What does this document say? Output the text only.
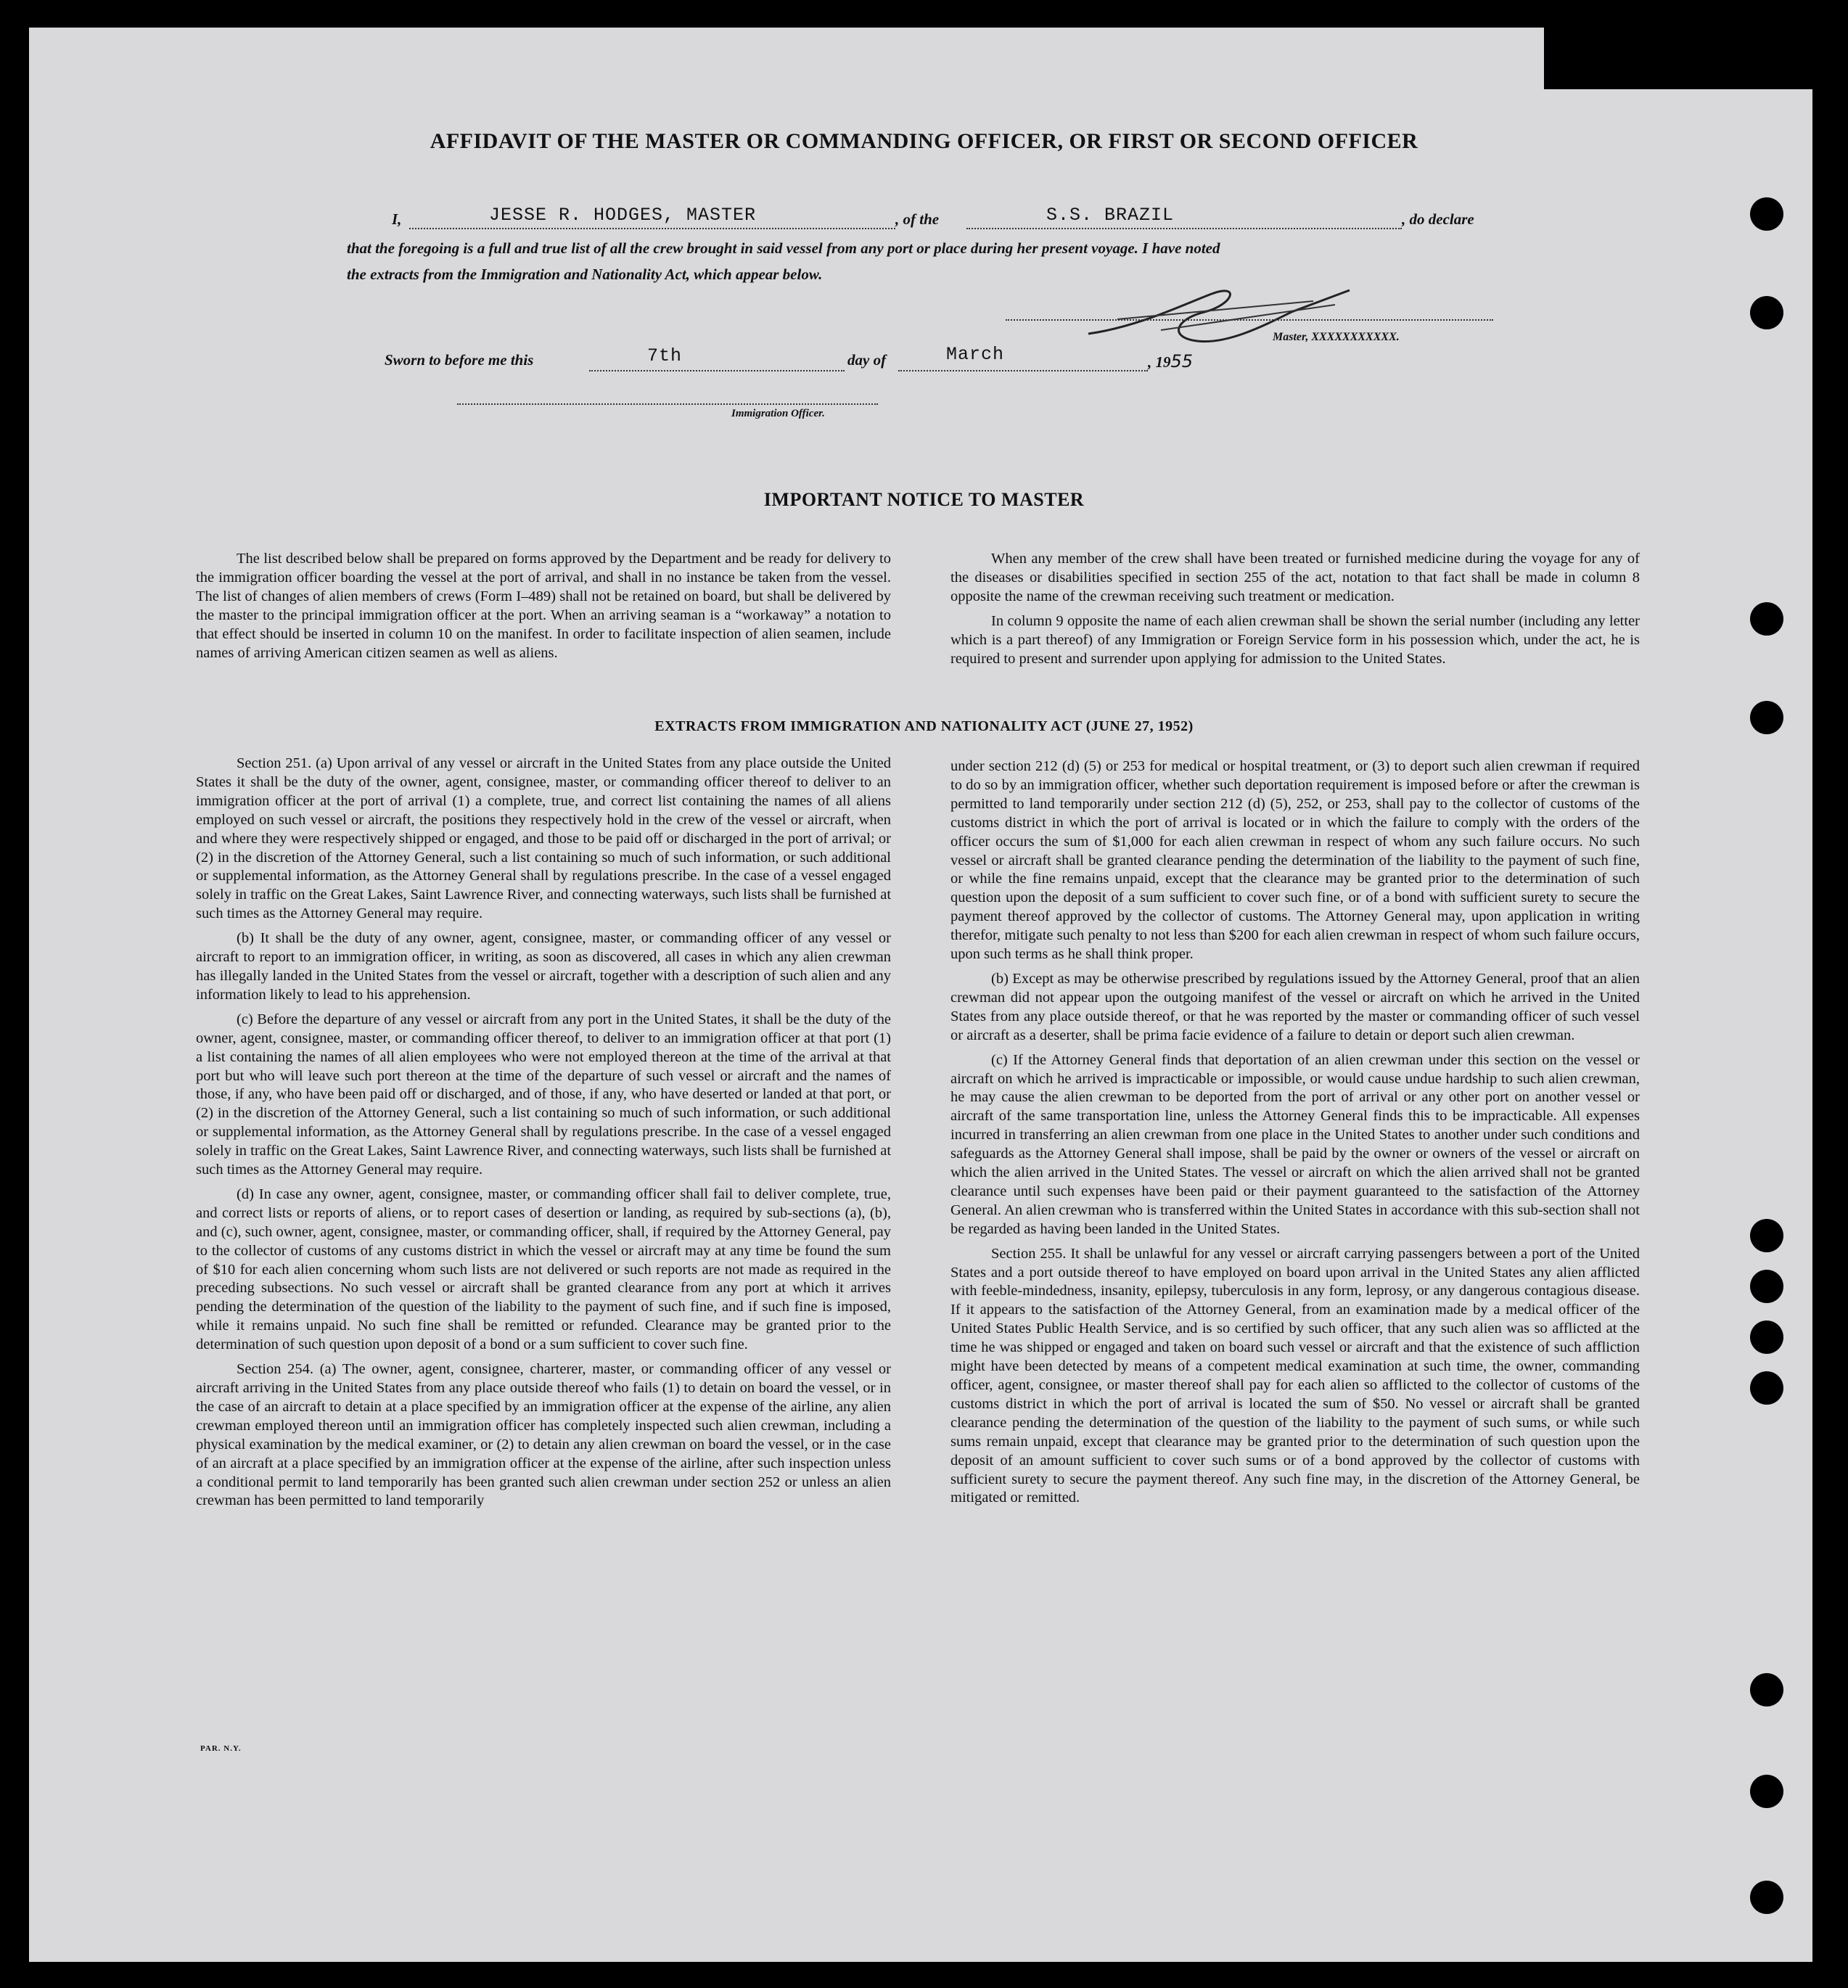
AFFIDAVIT OF THE MASTER OR COMMANDING OFFICER, OR FIRST OR SECOND OFFICER
I,	JESSE R. HODGES, MASTER	, of the	S.S. BRAZIL	, do declare
that the foregoing is a full and true list of all the crew brought in said vessel from any port or place during her present voyage. I have noted
the extracts from the Immigration and Nationality Act, which appear below.
Master, XXXXXXXXXXX.
Sworn to before me this	7th	day of	March	, 1955
Immigration Officer.
IMPORTANT NOTICE TO MASTER

The list described below shall be prepared on forms approved by the Department and be ready for delivery to the immigration officer boarding the vessel at the port of arrival, and shall in no instance be taken from the vessel. The list of changes of alien members of crews (Form I–489) shall not be retained on board, but shall be delivered by the master to the principal immigration officer at the port. When an arriving seaman is a “workaway” a notation to that effect should be inserted in column 10 on the manifest. In order to facilitate inspection of alien seamen, include names of arriving American citizen seamen as well as aliens.

When any member of the crew shall have been treated or furnished medicine during the voyage for any of the diseases or disabilities specified in section 255 of the act, notation to that fact shall be made in column 8 opposite the name of the crewman receiving such treatment or medication.

In column 9 opposite the name of each alien crewman shall be shown the serial number (including any letter which is a part thereof) of any Immigration or Foreign Service form in his possession which, under the act, he is required to present and surrender upon applying for admission to the United States.

EXTRACTS FROM IMMIGRATION AND NATIONALITY ACT (JUNE 27, 1952)

Section 251. (a) Upon arrival of any vessel or aircraft in the United States from any place outside the United States it shall be the duty of the owner, agent, consignee, master, or commanding officer thereof to deliver to an immigration officer at the port of arrival (1) a complete, true, and correct list containing the names of all aliens employed on such vessel or aircraft, the positions they respectively hold in the crew of the vessel or aircraft, when and where they were respectively shipped or engaged, and those to be paid off or discharged in the port of arrival; or (2) in the discretion of the Attorney General, such a list containing so much of such information, or such additional or supplemental information, as the Attorney General shall by regulations prescribe. In the case of a vessel engaged solely in traffic on the Great Lakes, Saint Lawrence River, and connecting waterways, such lists shall be furnished at such times as the Attorney General may require.

(b) It shall be the duty of any owner, agent, consignee, master, or commanding officer of any vessel or aircraft to report to an immigration officer, in writing, as soon as discovered, all cases in which any alien crewman has illegally landed in the United States from the vessel or aircraft, together with a description of such alien and any information likely to lead to his apprehension.

(c) Before the departure of any vessel or aircraft from any port in the United States, it shall be the duty of the owner, agent, consignee, master, or commanding officer thereof, to deliver to an immigration officer at that port (1) a list containing the names of all alien employees who were not employed thereon at the time of the arrival at that port but who will leave such port thereon at the time of the departure of such vessel or aircraft and the names of those, if any, who have been paid off or discharged, and of those, if any, who have deserted or landed at that port, or (2) in the discretion of the Attorney General, such a list containing so much of such information, or such additional or supplemental information, as the Attorney General shall by regulations prescribe. In the case of a vessel engaged solely in traffic on the Great Lakes, Saint Lawrence River, and connecting waterways, such lists shall be furnished at such times as the Attorney General may require.

(d) In case any owner, agent, consignee, master, or commanding officer shall fail to deliver complete, true, and correct lists or reports of aliens, or to report cases of desertion or landing, as required by sub-sections (a), (b), and (c), such owner, agent, consignee, master, or commanding officer, shall, if required by the Attorney General, pay to the collector of customs of any customs district in which the vessel or aircraft may at any time be found the sum of $10 for each alien concerning whom such lists are not delivered or such reports are not made as required in the preceding subsections. No such vessel or aircraft shall be granted clearance from any port at which it arrives pending the determination of the question of the liability to the payment of such fine, and if such fine is imposed, while it remains unpaid. No such fine shall be remitted or refunded. Clearance may be granted prior to the determination of such question upon deposit of a bond or a sum sufficient to cover such fine.

Section 254. (a) The owner, agent, consignee, charterer, master, or commanding officer of any vessel or aircraft arriving in the United States from any place outside thereof who fails (1) to detain on board the vessel, or in the case of an aircraft to detain at a place specified by an immigration officer at the expense of the airline, any alien crewman employed thereon until an immigration officer has completely inspected such alien crewman, including a physical examination by the medical examiner, or (2) to detain any alien crewman on board the vessel, or in the case of an aircraft at a place specified by an immigration officer at the expense of the airline, after such inspection unless a conditional permit to land temporarily has been granted such alien crewman under section 252 or unless an alien crewman has been permitted to land temporarily

under section 212 (d) (5) or 253 for medical or hospital treatment, or (3) to deport such alien crewman if required to do so by an immigration officer, whether such deportation requirement is imposed before or after the crewman is permitted to land temporarily under section 212 (d) (5), 252, or 253, shall pay to the collector of customs of the customs district in which the port of arrival is located or in which the failure to comply with the orders of the officer occurs the sum of $1,000 for each alien crewman in respect of whom any such failure occurs. No such vessel or aircraft shall be granted clearance pending the determination of the liability to the payment of such fine, or while the fine remains unpaid, except that the clearance may be granted prior to the determination of such question upon the deposit of a sum sufficient to cover such fine, or of a bond with sufficient surety to secure the payment thereof approved by the collector of customs. The Attorney General may, upon application in writing therefor, mitigate such penalty to not less than $200 for each alien crewman in respect of whom such failure occurs, upon such terms as he shall think proper.

(b) Except as may be otherwise prescribed by regulations issued by the Attorney General, proof that an alien crewman did not appear upon the outgoing manifest of the vessel or aircraft on which he arrived in the United States from any place outside thereof, or that he was reported by the master or commanding officer of such vessel or aircraft as a deserter, shall be prima facie evidence of a failure to detain or deport such alien crewman.

(c) If the Attorney General finds that deportation of an alien crewman under this section on the vessel or aircraft on which he arrived is impracticable or impossible, or would cause undue hardship to such alien crewman, he may cause the alien crewman to be deported from the port of arrival or any other port on another vessel or aircraft of the same transportation line, unless the Attorney General finds this to be impracticable. All expenses incurred in transferring an alien crewman from one place in the United States to another under such conditions and safeguards as the Attorney General shall impose, shall be paid by the owner or owners of the vessel or aircraft on which the alien arrived in the United States. The vessel or aircraft on which the alien arrived shall not be granted clearance until such expenses have been paid or their payment guaranteed to the satisfaction of the Attorney General. An alien crewman who is transferred within the United States in accordance with this sub-section shall not be regarded as having been landed in the United States.

Section 255. It shall be unlawful for any vessel or aircraft carrying passengers between a port of the United States and a port outside thereof to have employed on board upon arrival in the United States any alien afflicted with feeble-mindedness, insanity, epilepsy, tuberculosis in any form, leprosy, or any dangerous contagious disease. If it appears to the satisfaction of the Attorney General, from an examination made by a medical officer of the United States Public Health Service, and is so certified by such officer, that any such alien was so afflicted at the time he was shipped or engaged and taken on board such vessel or aircraft and that the existence of such affliction might have been detected by means of a competent medical examination at such time, the owner, commanding officer, agent, consignee, or master thereof shall pay for each alien so afflicted to the collector of customs of the customs district in which the port of arrival is located the sum of $50. No vessel or aircraft shall be granted clearance pending the determination of the question of the liability to the payment of such sums, or while such sums remain unpaid, except that clearance may be granted prior to the determination of such question upon the deposit of an amount sufficient to cover such sums or of a bond approved by the collector of customs with sufficient surety to secure the payment thereof. Any such fine may, in the discretion of the Attorney General, be mitigated or remitted.

PAR. N.Y.
